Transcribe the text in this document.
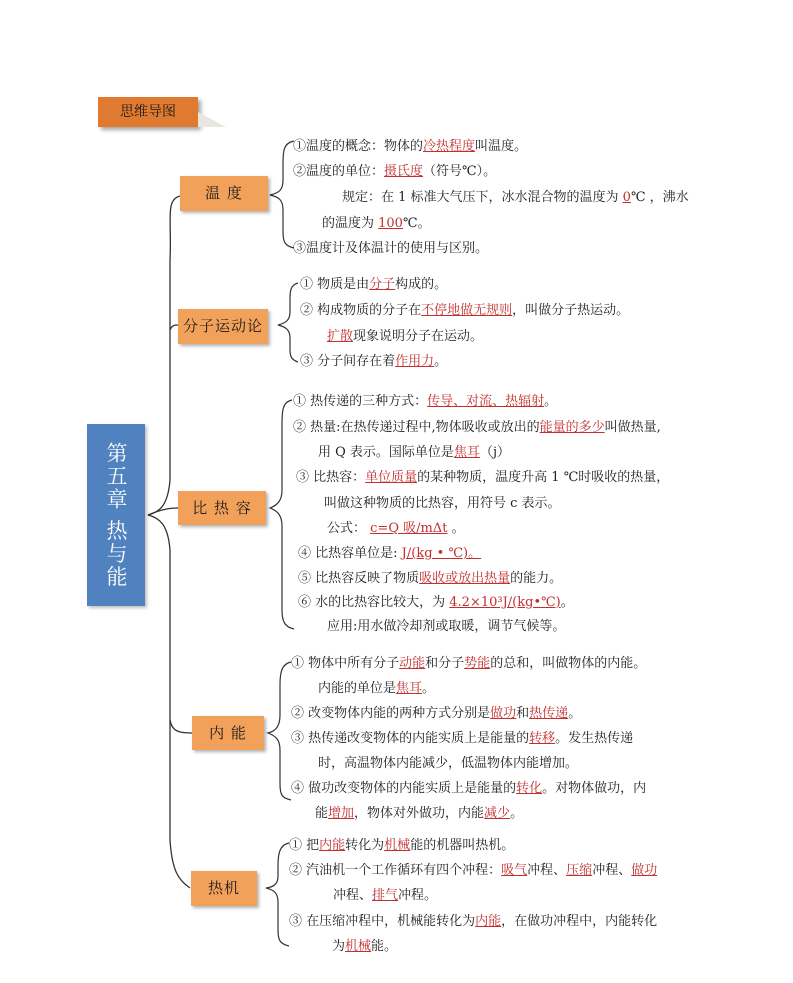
思维导图
第五章 热与能
温 度
分子运动论
比 热 容
内 能
热机
①温度的概念：物体的冷热程度叫温度。
②温度的单位：摄氏度（符号℃）。
规定：在 1 标准大气压下，冰水混合物的温度为 0℃ ，沸水
的温度为 100℃。
③温度计及体温计的使用与区别。
① 物质是由分子构成的。
② 构成物质的分子在不停地做无规则，叫做分子热运动。
扩散现象说明分子在运动。
③ 分子间存在着作用力。
① 热传递的三种方式：传导、对流、热辐射。
② 热量:在热传递过程中,物体吸收或放出的能量的多少叫做热量,
用 Q 表示。国际单位是焦耳（j）
③ 比热容：单位质量的某种物质，温度升高 1 ℃时吸收的热量，
叫做这种物质的比热容，用符号 c 表示。
公式： c=Q 吸/mΔt 。
④ 比热容单位是: J/(kg • ℃)。
⑤ 比热容反映了物质吸收或放出热量的能力。
⑥ 水的比热容比较大，为 4.2×10³J/(kg•℃)。
应用:用水做冷却剂或取暖，调节气候等。
① 物体中所有分子动能和分子势能的总和，叫做物体的内能。
内能的单位是焦耳。
② 改变物体内能的两种方式分别是做功和热传递。
③ 热传递改变物体的内能实质上是能量的转移。发生热传递
时，高温物体内能减少，低温物体内能增加。
④ 做功改变物体的内能实质上是能量的转化。对物体做功，内
能增加，物体对外做功，内能减少。
① 把内能转化为机械能的机器叫热机。
② 汽油机一个工作循环有四个冲程：吸气冲程、压缩冲程、做功
冲程、排气冲程。
③ 在压缩冲程中，机械能转化为内能，在做功冲程中，内能转化
为机械能。
